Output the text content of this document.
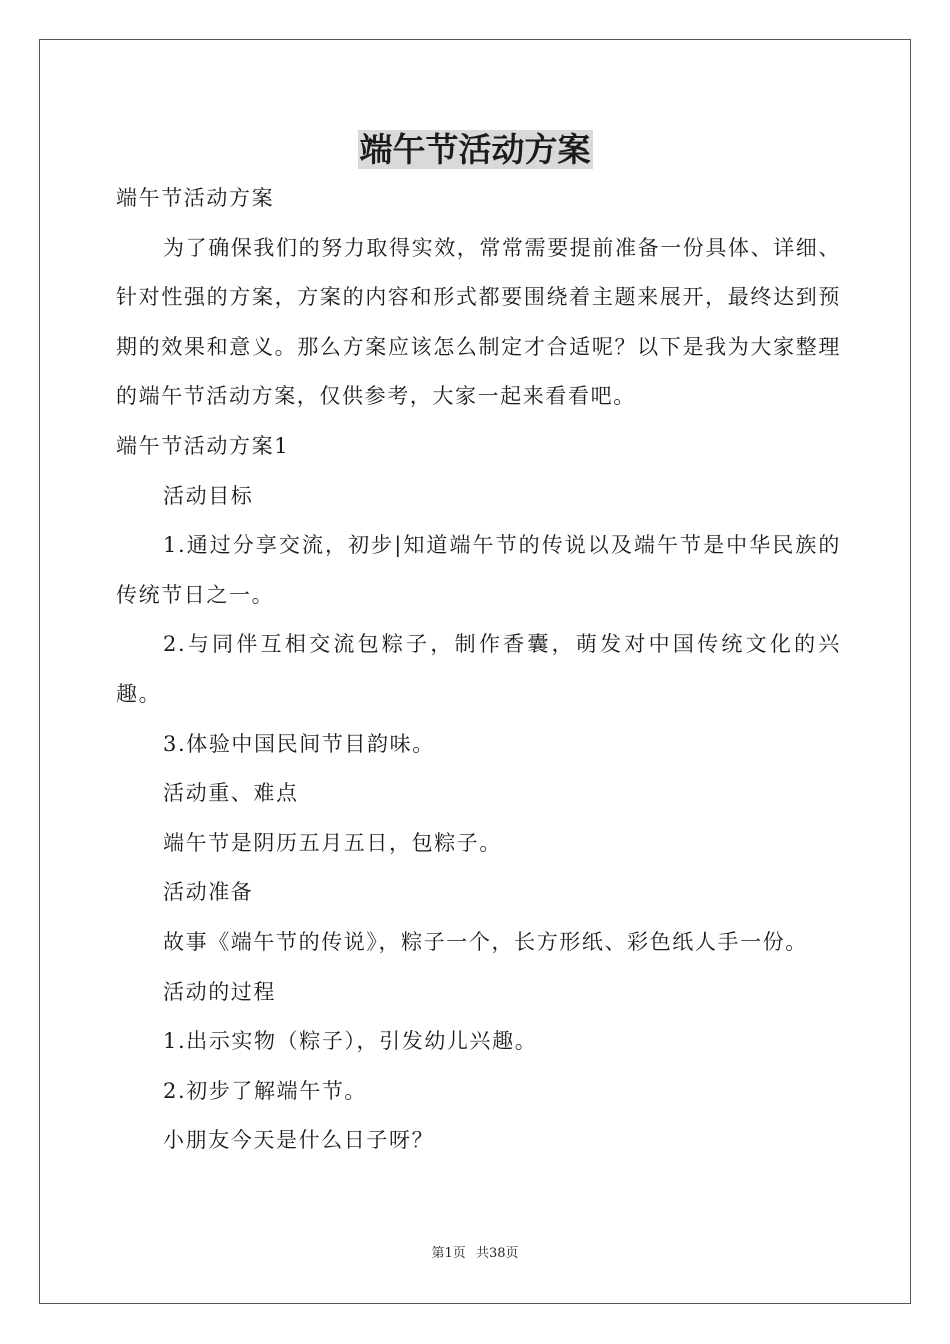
端午节活动方案

端午节活动方案

为了确保我们的努力取得实效，常常需要提前准备一份具体、详细、针对性强的方案，方案的内容和形式都要围绕着主题来展开，最终达到预期的效果和意义。那么方案应该怎么制定才合适呢？以下是我为大家整理的端午节活动方案，仅供参考，大家一起来看看吧。

端午节活动方案1

活动目标

1.通过分享交流，初步|知道端午节的传说以及端午节是中华民族的传统节日之一。

2.与同伴互相交流包粽子，制作香囊，萌发对中国传统文化的兴趣。

3.体验中国民间节目韵味。

活动重、难点

端午节是阴历五月五日，包粽子。

活动准备

故事《端午节的传说》，粽子一个，长方形纸、彩色纸人手一份。

活动的过程

1.出示实物（粽子），引发幼儿兴趣。

2.初步了解端午节。

小朋友今天是什么日子呀？

第1页 共38页
